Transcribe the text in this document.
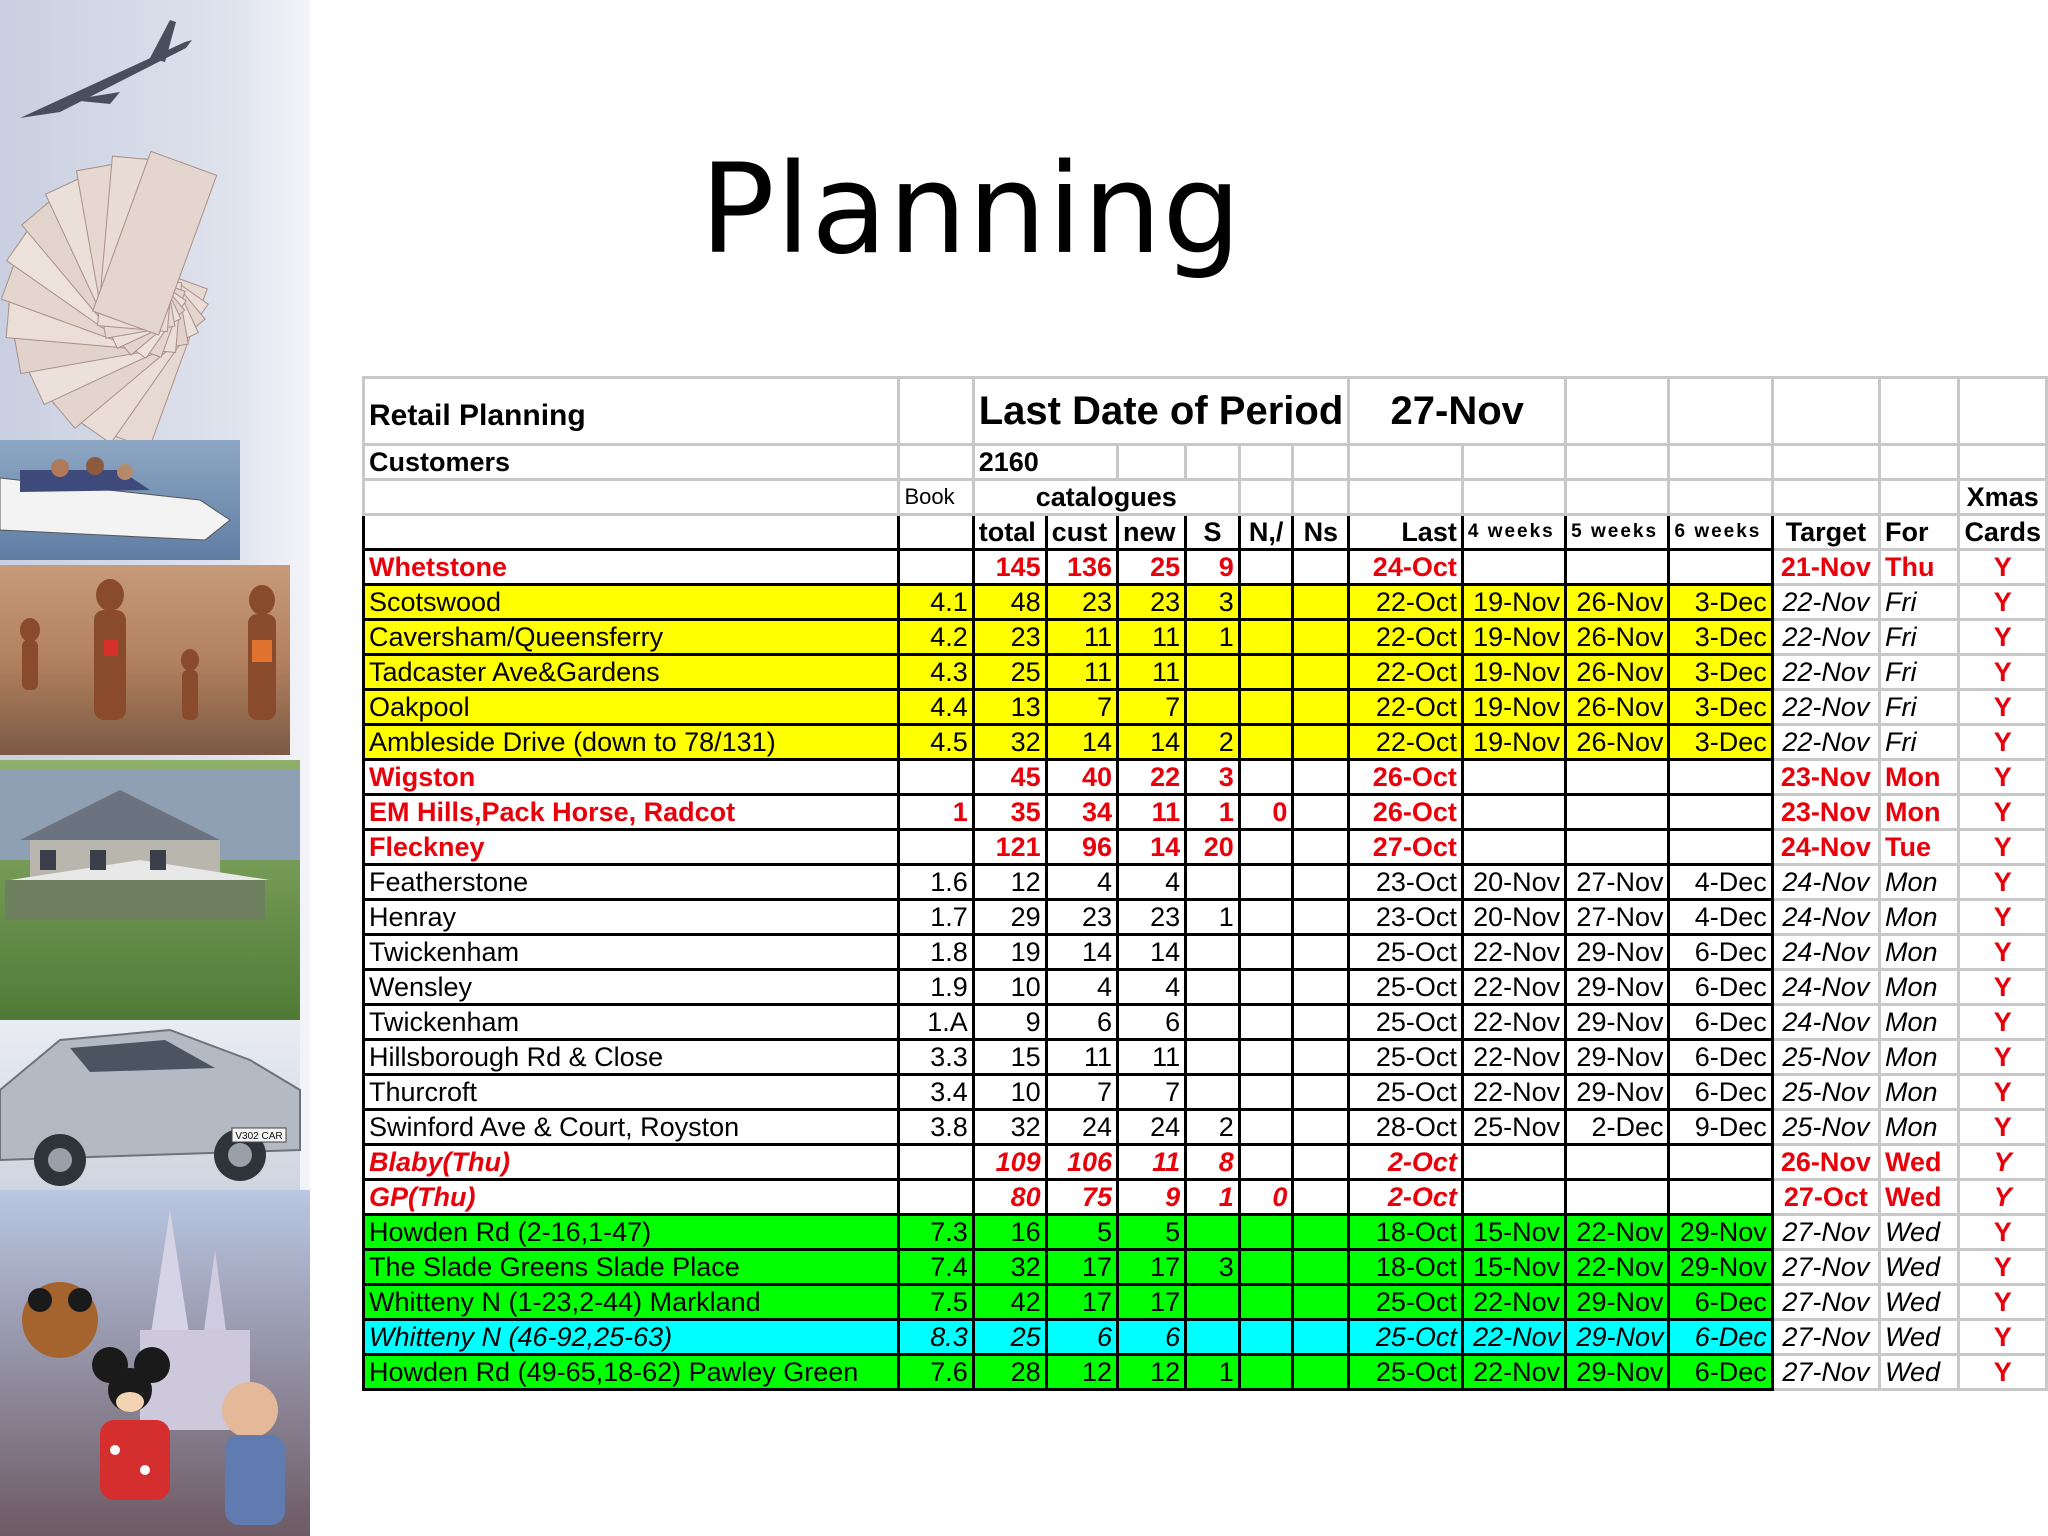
V302 CAR
Planning
Retail Planning		Last Date of Period						27-Nov						
Customers		2160												
	Book	catalogues												Xmas
		total	cust	new	S	N,/	Ns	Last	4 weeks	5 weeks	6 weeks	Target	For	Cards
Whetstone		145	136	25	9			24-Oct				21-Nov	Thu	Y
Scotswood	4.1	48	23	23	3			22-Oct	19-Nov	26-Nov	3-Dec	22-Nov	Fri	Y
Caversham/Queensferry	4.2	23	11	11	1			22-Oct	19-Nov	26-Nov	3-Dec	22-Nov	Fri	Y
Tadcaster Ave&Gardens	4.3	25	11	11				22-Oct	19-Nov	26-Nov	3-Dec	22-Nov	Fri	Y
Oakpool	4.4	13	7	7				22-Oct	19-Nov	26-Nov	3-Dec	22-Nov	Fri	Y
Ambleside Drive (down to 78/131)	4.5	32	14	14	2			22-Oct	19-Nov	26-Nov	3-Dec	22-Nov	Fri	Y
Wigston		45	40	22	3			26-Oct				23-Nov	Mon	Y
EM Hills,Pack Horse, Radcot	1	35	34	11	1	0		26-Oct				23-Nov	Mon	Y
Fleckney		121	96	14	20			27-Oct				24-Nov	Tue	Y
Featherstone	1.6	12	4	4				23-Oct	20-Nov	27-Nov	4-Dec	24-Nov	Mon	Y
Henray	1.7	29	23	23	1			23-Oct	20-Nov	27-Nov	4-Dec	24-Nov	Mon	Y
Twickenham	1.8	19	14	14				25-Oct	22-Nov	29-Nov	6-Dec	24-Nov	Mon	Y
Wensley	1.9	10	4	4				25-Oct	22-Nov	29-Nov	6-Dec	24-Nov	Mon	Y
Twickenham	1.A	9	6	6				25-Oct	22-Nov	29-Nov	6-Dec	24-Nov	Mon	Y
Hillsborough Rd & Close	3.3	15	11	11				25-Oct	22-Nov	29-Nov	6-Dec	25-Nov	Mon	Y
Thurcroft	3.4	10	7	7				25-Oct	22-Nov	29-Nov	6-Dec	25-Nov	Mon	Y
Swinford Ave & Court, Royston	3.8	32	24	24	2			28-Oct	25-Nov	2-Dec	9-Dec	25-Nov	Mon	Y
Blaby(Thu)		109	106	11	8			2-Oct				26-Nov	Wed	Y
GP(Thu)		80	75	9	1	0		2-Oct				27-Oct	Wed	Y
Howden Rd (2-16,1-47)	7.3	16	5	5				18-Oct	15-Nov	22-Nov	29-Nov	27-Nov	Wed	Y
The Slade Greens Slade Place	7.4	32	17	17	3			18-Oct	15-Nov	22-Nov	29-Nov	27-Nov	Wed	Y
Whitteny N (1-23,2-44) Markland	7.5	42	17	17				25-Oct	22-Nov	29-Nov	6-Dec	27-Nov	Wed	Y
Whitteny N (46-92,25-63)	8.3	25	6	6				25-Oct	22-Nov	29-Nov	6-Dec	27-Nov	Wed	Y
Howden Rd (49-65,18-62) Pawley Green	7.6	28	12	12	1			25-Oct	22-Nov	29-Nov	6-Dec	27-Nov	Wed	Y
